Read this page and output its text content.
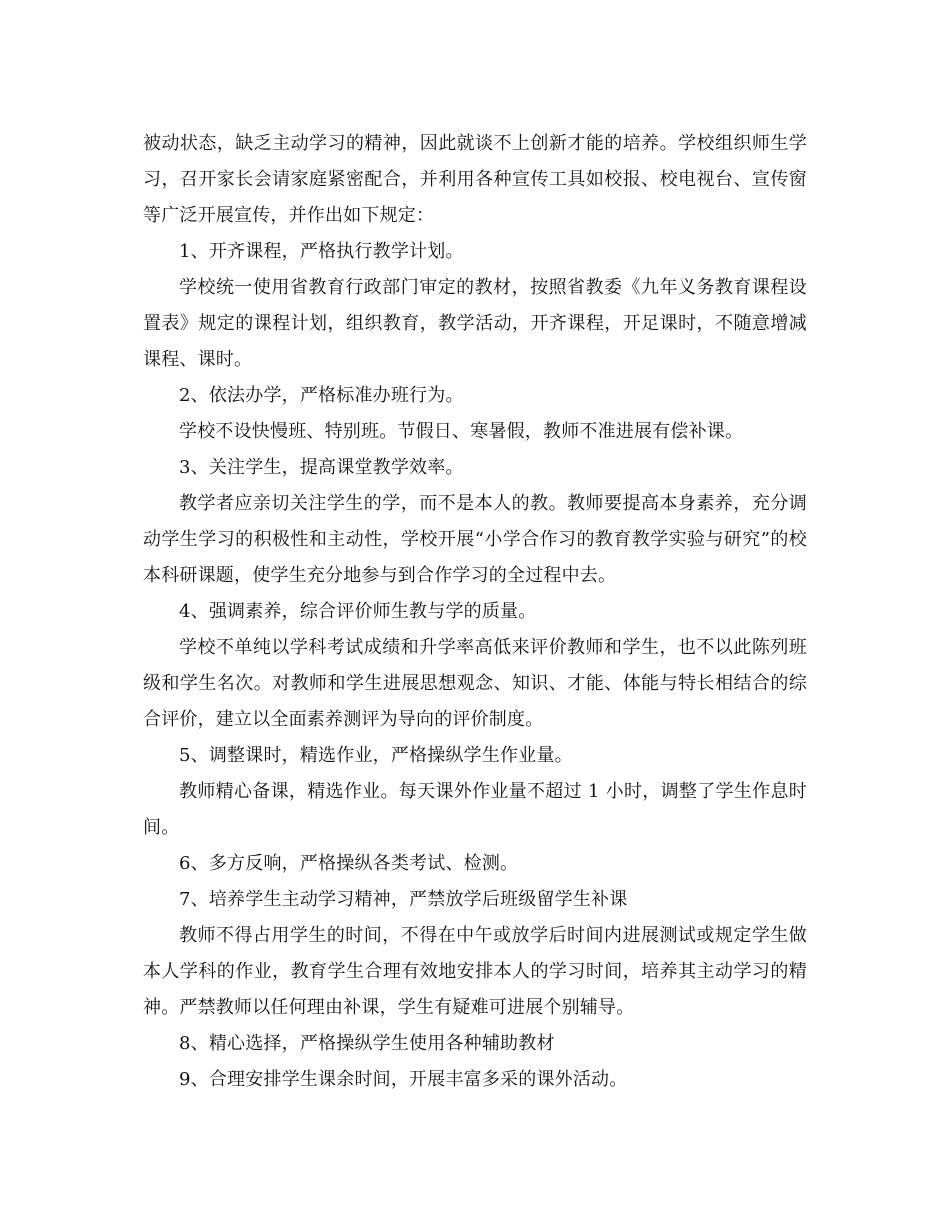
被动状态，缺乏主动学习的精神，因此就谈不上创新才能的培养。学校组织师生学习，召开家长会请家庭紧密配合，并利用各种宣传工具如校报、校电视台、宣传窗等广泛开展宣传，并作出如下规定：

1、开齐课程，严格执行教学计划。

学校统一使用省教育行政部门审定的教材，按照省教委《九年义务教育课程设置表》规定的课程计划，组织教育，教学活动，开齐课程，开足课时，不随意增减课程、课时。

2、依法办学，严格标准办班行为。

学校不设快慢班、特别班。节假日、寒暑假，教师不准进展有偿补课。

3、关注学生，提高课堂教学效率。

教学者应亲切关注学生的学，而不是本人的教。教师要提高本身素养，充分调动学生学习的积极性和主动性，学校开展“小学合作习的教育教学实验与研究”的校本科研课题，使学生充分地参与到合作学习的全过程中去。

4、强调素养，综合评价师生教与学的质量。

学校不单纯以学科考试成绩和升学率高低来评价教师和学生，也不以此陈列班级和学生名次。对教师和学生进展思想观念、知识、才能、体能与特长相结合的综合评价，建立以全面素养测评为导向的评价制度。

5、调整课时，精选作业，严格操纵学生作业量。

教师精心备课，精选作业。每天课外作业量不超过 1 小时，调整了学生作息时间。

6、多方反响，严格操纵各类考试、检测。

7、培养学生主动学习精神，严禁放学后班级留学生补课

教师不得占用学生的时间，不得在中午或放学后时间内进展测试或规定学生做本人学科的作业，教育学生合理有效地安排本人的学习时间，培养其主动学习的精神。严禁教师以任何理由补课，学生有疑难可进展个别辅导。

8、精心选择，严格操纵学生使用各种辅助教材

9、合理安排学生课余时间，开展丰富多采的课外活动。
